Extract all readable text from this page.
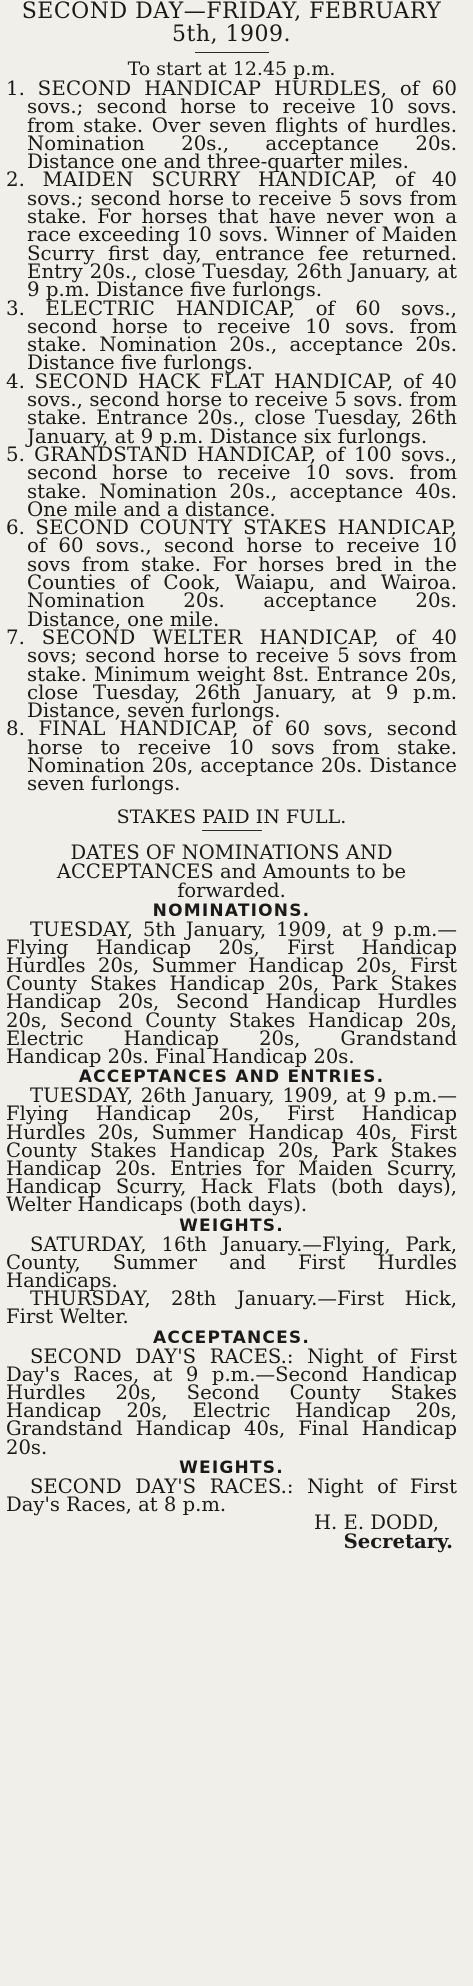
SECOND DAY—FRIDAY, FEBRUARY 5th, 1909.
To start at 12.45 p.m.
1. SECOND HANDICAP HURDLES, of 60 sovs.; second horse to receive 10 sovs. from stake. Over seven flights of hurdles. Nomination 20s., acceptance 20s. Distance one and three-quarter miles.
2. MAIDEN SCURRY HANDICAP, of 40 sovs.; second horse to receive 5 sovs from stake. For horses that have never won a race exceeding 10 sovs. Winner of Maiden Scurry first day, entrance fee returned. Entry 20s., close Tuesday, 26th January, at 9 p.m. Distance five furlongs.
3. ELECTRIC HANDICAP, of 60 sovs., second horse to receive 10 sovs. from stake. Nomination 20s., acceptance 20s. Distance five furlongs.
4. SECOND HACK FLAT HANDICAP, of 40 sovs., second horse to receive 5 sovs. from stake. Entrance 20s., close Tuesday, 26th January, at 9 p.m. Distance six furlongs.
5. GRANDSTAND HANDICAP, of 100 sovs., second horse to receive 10 sovs. from stake. Nomination 20s., acceptance 40s. One mile and a distance.
6. SECOND COUNTY STAKES HANDICAP, of 60 sovs., second horse to receive 10 sovs from stake. For horses bred in the Counties of Cook, Waiapu, and Wairoa. Nomination 20s. acceptance 20s. Distance, one mile.
7. SECOND WELTER HANDICAP, of 40 sovs; second horse to receive 5 sovs from stake. Minimum weight 8st. Entrance 20s, close Tuesday, 26th January, at 9 p.m. Distance, seven furlongs.
8. FINAL HANDICAP, of 60 sovs, second horse to receive 10 sovs from stake. Nomination 20s, acceptance 20s. Distance seven furlongs.
STAKES PAID IN FULL.
DATES OF NOMINATIONS AND ACCEPTANCES and Amounts to be forwarded.
NOMINATIONS.

TUESDAY, 5th January, 1909, at 9 p.m.—Flying Handicap 20s, First Handicap Hurdles 20s, Summer Handicap 20s, First County Stakes Handicap 20s, Park Stakes Handicap 20s, Second Handicap Hurdles 20s, Second County Stakes Handicap 20s, Electric Handicap 20s, Grandstand Handicap 20s. Final Handicap 20s.

ACCEPTANCES AND ENTRIES.

TUESDAY, 26th January, 1909, at 9 p.m.—Flying Handicap 20s, First Handicap Hurdles 20s, Summer Handicap 40s, First County Stakes Handicap 20s, Park Stakes Handicap 20s. Entries for Maiden Scurry, Handicap Scurry, Hack Flats (both days), Welter Handicaps (both days).

WEIGHTS.

SATURDAY, 16th January.—Flying, Park, County, Summer and First Hurdles Handicaps.

THURSDAY, 28th January.—First Hick, First Welter.

ACCEPTANCES.

SECOND DAY'S RACES.: Night of First Day's Races, at 9 p.m.—Second Handicap Hurdles 20s, Second County Stakes Handicap 20s, Electric Handicap 20s, Grandstand Handicap 40s, Final Handicap 20s.

WEIGHTS.

SECOND DAY'S RACES.: Night of First Day's Races, at 8 p.m.

H. E. DODD,

Secretary.
